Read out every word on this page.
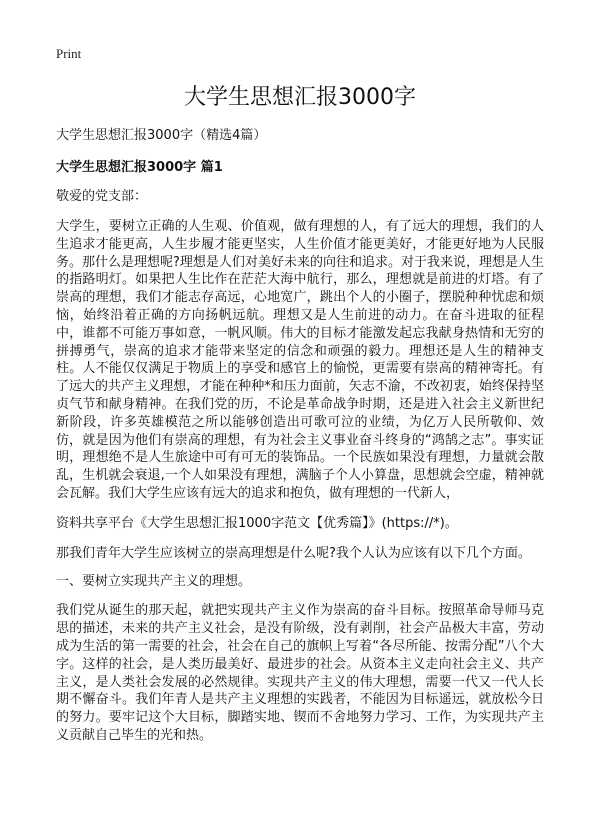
Print
大学生思想汇报3000字
大学生思想汇报3000字（精选4篇）
大学生思想汇报3000字 篇1
敬爱的党支部：
大学生，要树立正确的人生观、价值观，做有理想的人，有了远大的理想，我们的人生追求才能更高，人生步履才能更坚实，人生价值才能更美好，才能更好地为人民服务。那什么是理想呢?理想是人们对美好未来的向往和追求。对于我来说，理想是人生的指路明灯。如果把人生比作在茫茫大海中航行，那么，理想就是前进的灯塔。有了崇高的理想，我们才能志存高远，心地宽广，跳出个人的小圈子，摆脱种种忧虑和烦恼，始终沿着正确的方向扬帆远航。理想又是人生前进的动力。在奋斗进取的征程中，谁都不可能万事如意，一帆风顺。伟大的目标才能激发起忘我献身热情和无穷的拼搏勇气，崇高的追求才能带来坚定的信念和顽强的毅力。理想还是人生的精神支柱。人不能仅仅满足于物质上的享受和感官上的愉悦，更需要有崇高的精神寄托。有了远大的共产主义理想，才能在种种*和压力面前，矢志不渝，不改初衷，始终保持坚贞气节和献身精神。在我们党的历，不论是革命战争时期，还是进入社会主义新世纪新阶段，许多英雄模范之所以能够创造出可歌可泣的业绩，为亿万人民所敬仰、效仿，就是因为他们有崇高的理想，有为社会主义事业奋斗终身的“鸿鹄之志”。事实证明，理想绝不是人生旅途中可有可无的装饰品。一个民族如果没有理想，力量就会散乱，生机就会衰退,一个人如果没有理想，满脑子个人小算盘，思想就会空虚，精神就会瓦解。我们大学生应该有远大的追求和抱负，做有理想的一代新人，
资料共享平台《大学生思想汇报1000字范文【优秀篇】》(https://*)。
那我们青年大学生应该树立的崇高理想是什么呢?我个人认为应该有以下几个方面。
一、要树立实现共产主义的理想。
我们党从诞生的那天起，就把实现共产主义作为崇高的奋斗目标。按照革命导师马克思的描述，未来的共产主义社会，是没有阶级，没有剥削，社会产品极大丰富，劳动成为生活的第一需要的社会，社会在自己的旗帜上写着“各尽所能、按需分配”八个大字。这样的社会，是人类历最美好、最进步的社会。从资本主义走向社会主义、共产主义，是人类社会发展的必然规律。实现共产主义的伟大理想，需要一代又一代人长期不懈奋斗。我们年青人是共产主义理想的实践者，不能因为目标遥远，就放松今日的努力。要牢记这个大目标，脚踏实地、锲而不舍地努力学习、工作，为实现共产主义贡献自己毕生的光和热。
